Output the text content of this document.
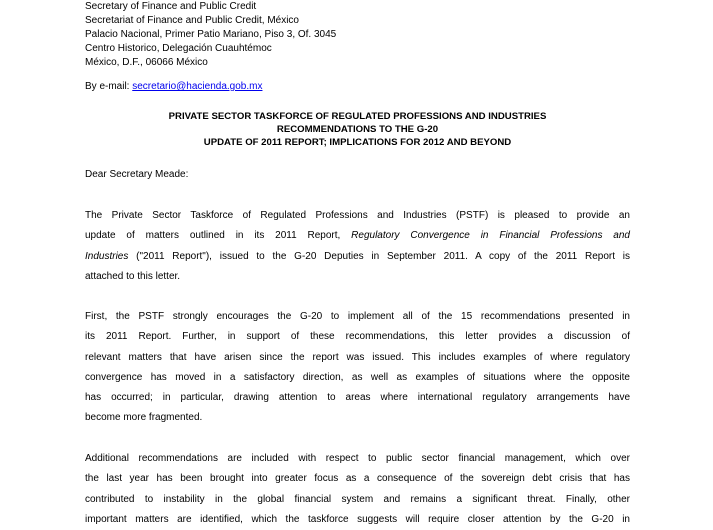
Secretary of Finance and Public Credit
Secretariat of Finance and Public Credit, México
Palacio Nacional, Primer Patio Mariano, Piso 3, Of. 3045
Centro Historico, Delegación Cuauhtémoc
México, D.F., 06066 México
By e-mail: secretario@hacienda.gob.mx
PRIVATE SECTOR TASKFORCE OF REGULATED PROFESSIONS AND INDUSTRIES
RECOMMENDATIONS TO THE G-20
UPDATE OF 2011 REPORT; IMPLICATIONS FOR 2012 AND BEYOND
Dear Secretary Meade:
The Private Sector Taskforce of Regulated Professions and Industries (PSTF) is pleased to provide an
update of matters outlined in its 2011 Report, Regulatory Convergence in Financial Professions and
Industries ("2011 Report"), issued to the G-20 Deputies in September 2011. A copy of the 2011 Report is
attached to this letter.
First, the PSTF strongly encourages the G-20 to implement all of the 15 recommendations presented in
its 2011 Report. Further, in support of these recommendations, this letter provides a discussion of
relevant matters that have arisen since the report was issued. This includes examples of where regulatory
convergence has moved in a satisfactory direction, as well as examples of situations where the opposite
has occurred; in particular, drawing attention to areas where international regulatory arrangements have
become more fragmented.
Additional recommendations are included with respect to public sector financial management, which over
the last year has been brought into greater focus as a consequence of the sovereign debt crisis that has
contributed to instability in the global financial system and remains a significant threat. Finally, other
important matters are identified, which the taskforce suggests will require closer attention by the G-20 in
